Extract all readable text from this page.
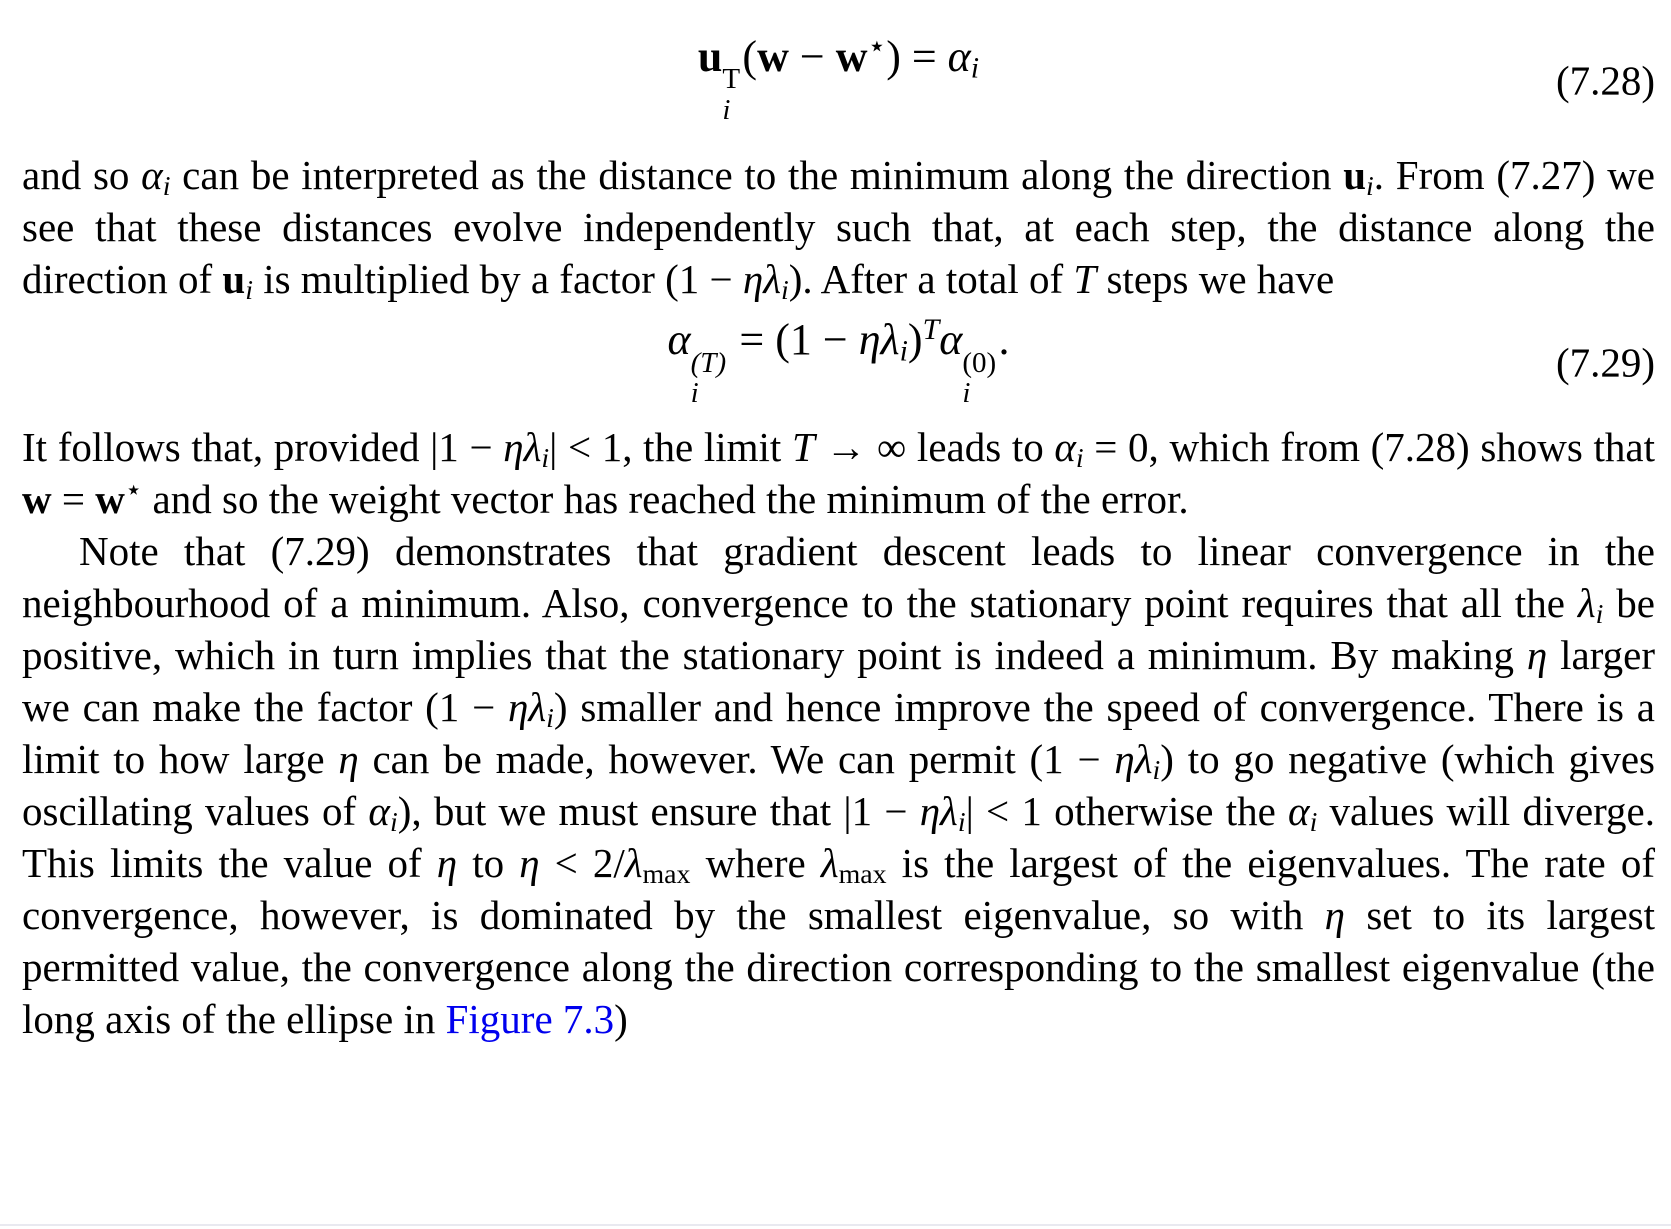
u T
i
(w − w⋆) = αi	(7.28)
and so αi can be interpreted as the distance to the minimum along the direction ui. From (7.27) we see that these distances evolve independently such that, at each step, the distance along the direction of ui is multiplied by a factor (1 − ηλi). After a total of T steps we have
α (T)
i
= $(1 - \eta\lambda i)^T\alpha$ (0)
i
.	(7.29)
It follows that, provided |1 − ηλi| < 1, the limit T → ∞ leads to αi = 0, which from (7.28) shows that w = w⋆ and so the weight vector has reached the minimum of the error.
Note that (7.29) demonstrates that gradient descent leads to linear convergence in the neighbourhood of a minimum. Also, convergence to the stationary point requires that all the λi be positive, which in turn implies that the stationary point is indeed a minimum. By making η larger we can make the factor (1 − ηλi) smaller and hence improve the speed of convergence. There is a limit to how large η can be made, however. We can permit (1 − ηλi) to go negative (which gives oscillating values of αi), but we must ensure that |1 − ηλi| < 1 otherwise the αi values will diverge. This limits the value of η to η < 2/λmax where λmax is the largest of the eigenvalues. The rate of convergence, however, is dominated by the smallest eigenvalue, so with η set to its largest permitted value, the convergence along the direction corresponding to the smallest eigenvalue (the long axis of the ellipse in Figure 7.3)
